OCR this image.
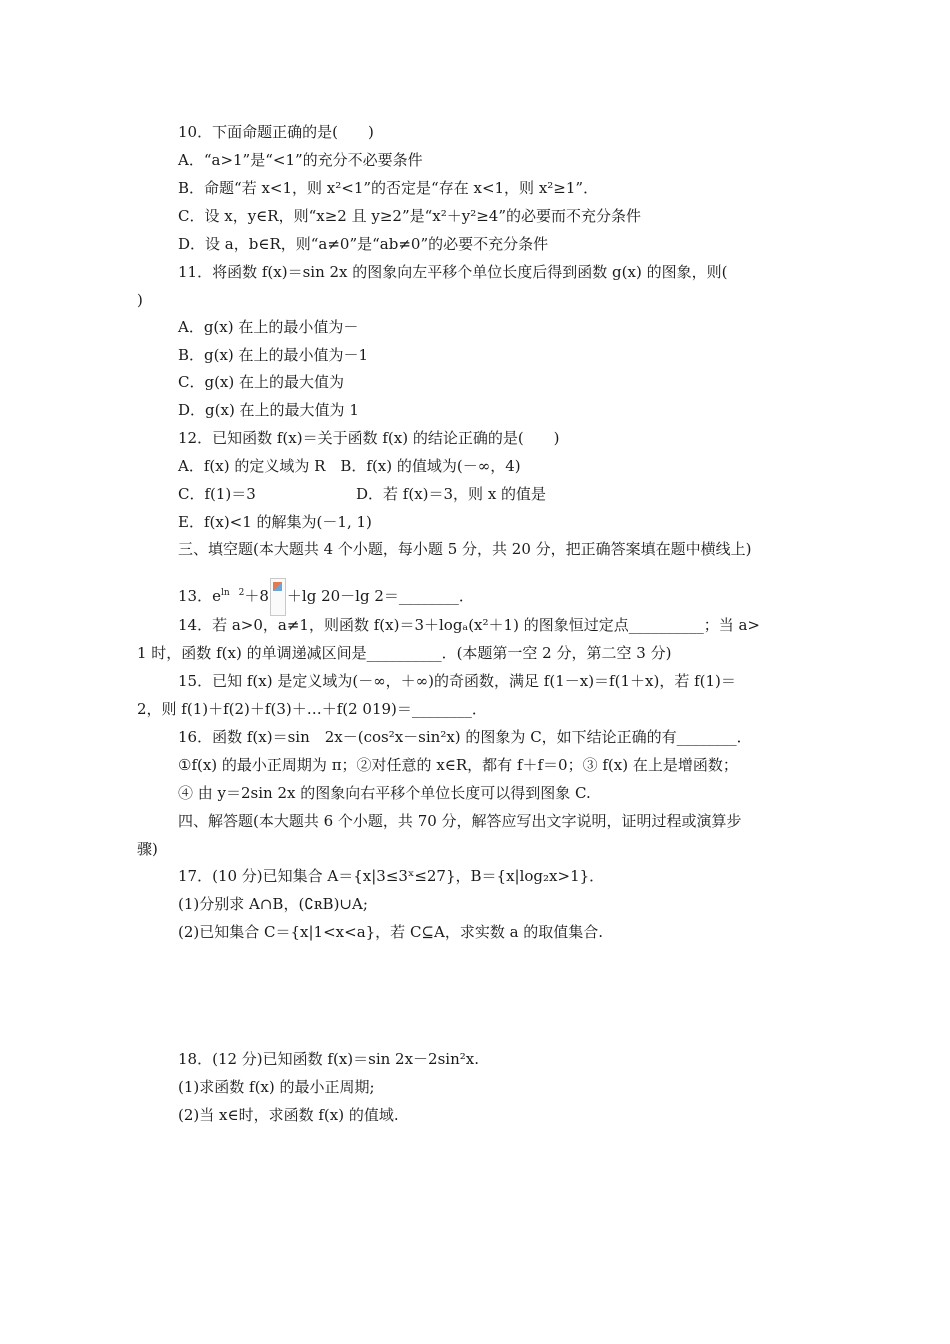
10．下面命题正确的是(　　)
A．“a>1”是“<1”的充分不必要条件
B．命题“若 x<1，则 x²<1”的否定是“存在 x<1，则 x²≥1”．
C．设 x，y∈R，则“x≥2 且 y≥2”是“x²＋y²≥4”的必要而不充分条件
D．设 a，b∈R，则“a≠0”是“ab≠0”的必要不充分条件
11．将函数 f(x)＝sin 2x 的图象向左平移个单位长度后得到函数 g(x) 的图象，则(
)
A．g(x) 在上的最小值为－
B．g(x) 在上的最小值为－1
C．g(x) 在上的最大值为
D．g(x) 在上的最大值为 1
12．已知函数 f(x)＝关于函数 f(x) 的结论正确的是(　　)
A．f(x) 的定义域为 R　B．f(x) 的值域为(－∞，4)
C．f(1)＝3	D．若 f(x)＝3，则 x 的值是
E．f(x)<1 的解集为(－1, 1)
三、填空题(本大题共 4 个小题，每小题 5 分，共 20 分，把正确答案填在题中横线上)
13．$e^{ln 2}+8 +\lg$ 20－lg 2＝________．
14．若 a>0，a≠1，则函数 f(x)＝3＋logₐ(x²＋1) 的图象恒过定点__________；当 a>
1 时，函数 f(x) 的单调递减区间是__________．(本题第一空 2 分，第二空 3 分)
15．已知 f(x) 是定义域为(－∞，＋∞)的奇函数，满足 f(1－x)＝f(1＋x)，若 f(1)＝
2，则 f(1)＋f(2)＋f(3)＋…＋f(2 019)＝________．
16．函数 f(x)＝sin　2x－(cos²x－sin²x) 的图象为 C，如下结论正确的有________．
①f(x) 的最小正周期为 π；②对任意的 x∈R，都有 f＋f＝0；③ f(x) 在上是增函数；
④ 由 y＝2sin 2x 的图象向右平移个单位长度可以得到图象 C.
四、解答题(本大题共 6 个小题，共 70 分，解答应写出文字说明，证明过程或演算步
骤)
17．(10 分)已知集合 A＝{x|3≤3ˣ≤27}，B＝{x|log₂x>1}．
(1)分别求 A∩B，(∁ʀB)∪A;
(2)已知集合 C＝{x|1<x<a}，若 C⊆A，求实数 a 的取值集合.
18．(12 分)已知函数 f(x)＝sin 2x－2sin²x.
(1)求函数 f(x) 的最小正周期;
(2)当 x∈时，求函数 f(x) 的值域.
